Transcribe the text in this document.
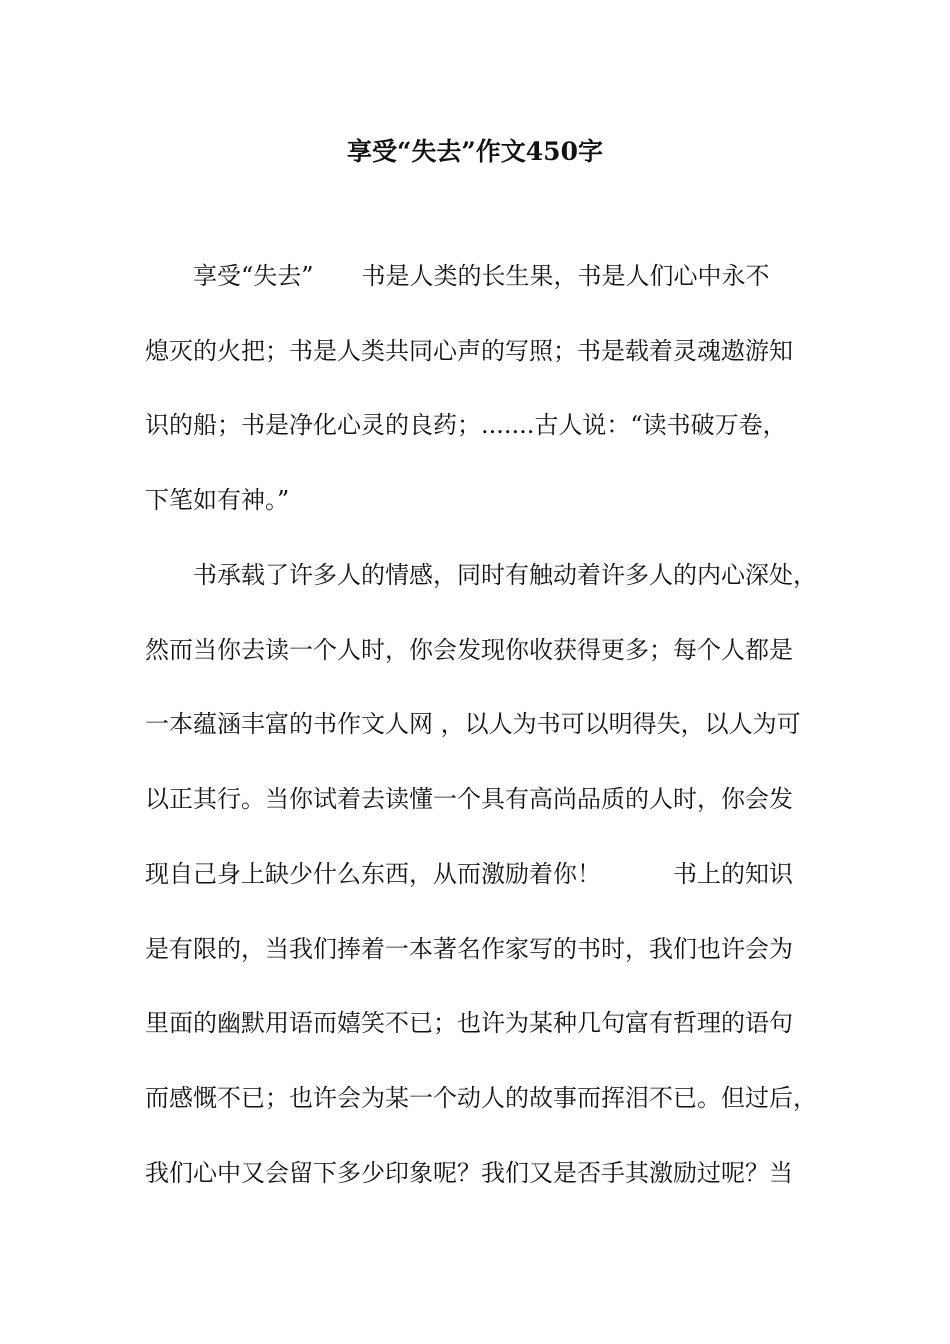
享受“失去”作文450字

享受“失去”　　书是人类的长生果，书是人们心中永不

熄灭的火把；书是人类共同心声的写照；书是载着灵魂遨游知

识的船；书是净化心灵的良药；.......古人说：“读书破万卷，

下笔如有神。”

书承载了许多人的情感，同时有触动着许多人的内心深处，

然而当你去读一个人时，你会发现你收获得更多；每个人都是

一本蕴涵丰富的书作文人网 ，以人为书可以明得失，以人为可

以正其行。当你试着去读懂一个具有高尚品质的人时，你会发

现自己身上缺少什么东西，从而激励着你！　　　书上的知识

是有限的，当我们捧着一本著名作家写的书时，我们也许会为

里面的幽默用语而嬉笑不已；也许为某种几句富有哲理的语句

而感慨不已；也许会为某一个动人的故事而挥泪不已。但过后，

我们心中又会留下多少印象呢？我们又是否手其激励过呢？当
